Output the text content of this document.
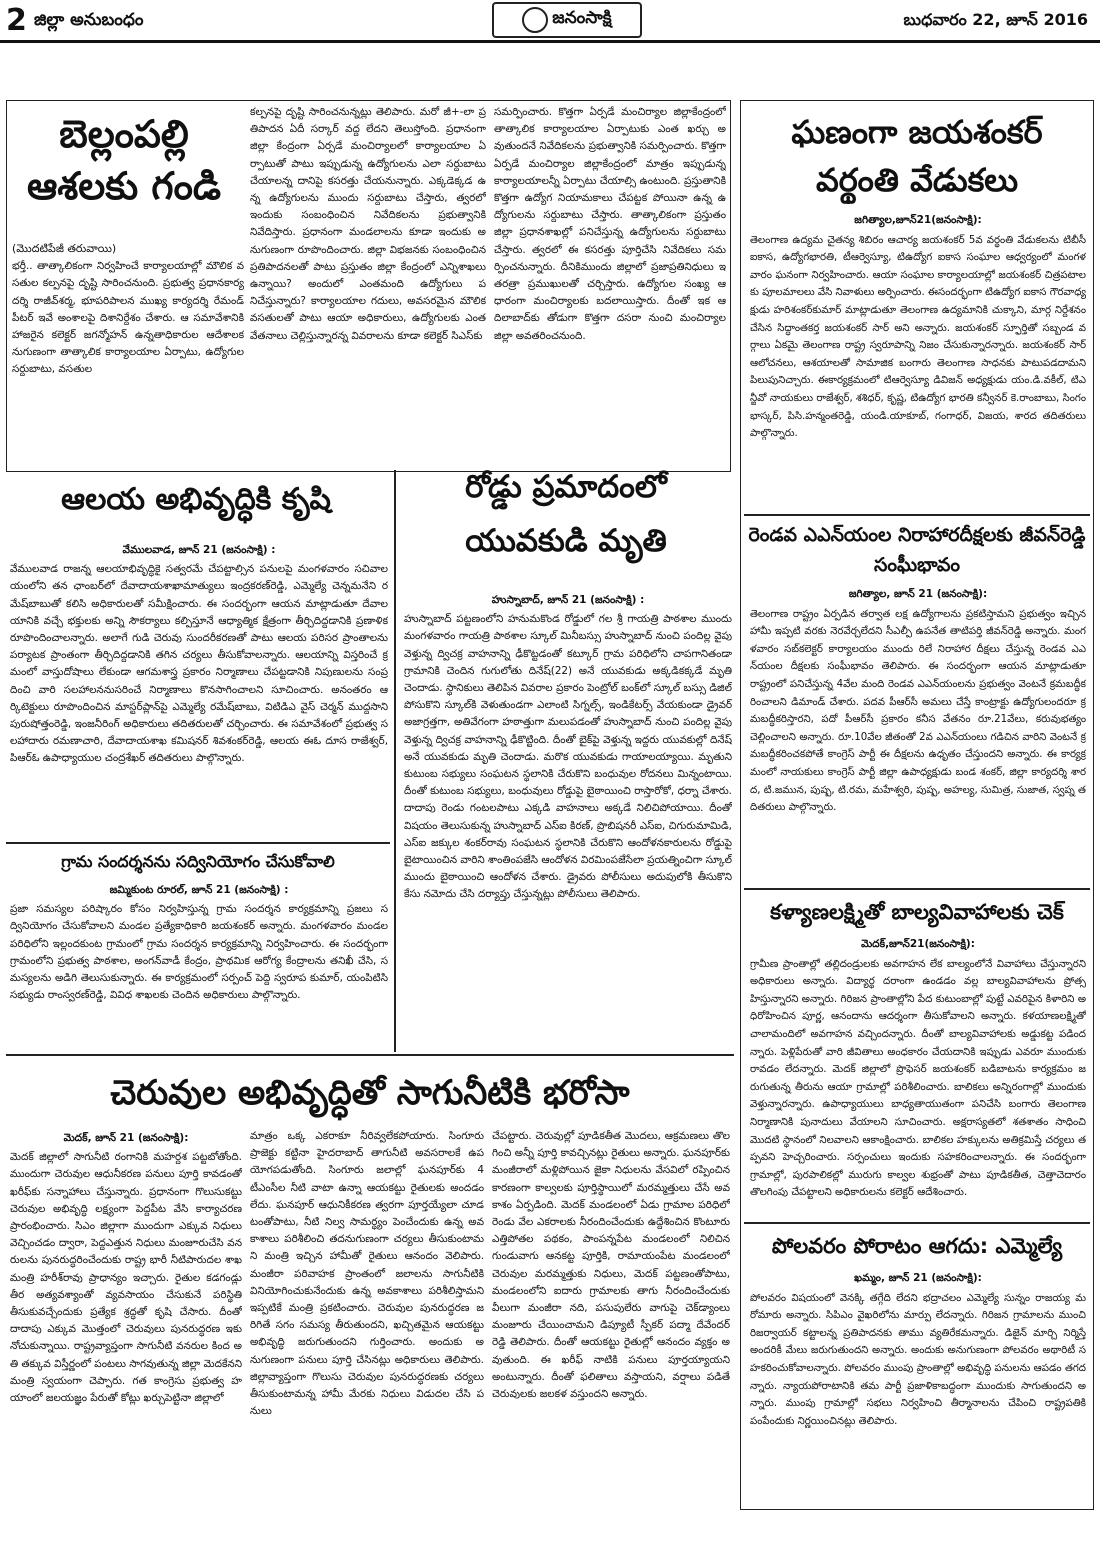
2 జిల్లా అనుబంధం	జనంసాక్షి	బుధవారం 22, జూన్ 2016
బెల్లంపల్లి
ఆశలకు గండి
(మొదటిపేజీ తరువాయి)
భర్తీ.. తాత్కాలికంగా నిర్వహించే కార్యాలయాల్లో మౌలిక వసతుల కల్పనపై దృష్టి సారించనుంది. ప్రభుత్వ ప్రధానకార్యదర్శి రాజీవ్‌శర్మ, భూపరిపాలన ముఖ్య కార్యదర్శి రేమండ్ పీటర్ ఇవే అంశాలపై దిశానిర్దేశం చేశారు. ఆ సమావేశానికి హాజరైన కలెక్టర్ జగన్మోహన్ ఉన్నతాధికారుల ఆదేశాలకనుగుణంగా తాత్కాలిక కార్యాలయాల ఏర్పాటు, ఉద్యోగుల సర్దుబాటు, వసతుల
కల్పనపై దృష్టి సారించనున్నట్లు తెలిపారు. మరో జీ+-లా ప్రతిపాదన ఏదీ సర్కార్ వద్ద లేదని తెలుస్తోంది. ప్రధానంగా జిల్లా కేంద్రంగా ఏర్పడే మంచిర్యాలలో కార్యాలయాల ఏర్పాటుతో పాటు ఇప్పుడున్న ఉద్యోగులను ఎలా సర్దుబాటు చేయాలన్న దానిపై కసరత్తు చేయనున్నారు. ఎక్కడెక్కడ ఉన్న ఉద్యోగులను ముందు సర్దుబాటు చేస్తారు, త్వరలో ఇందుకు సంబంధించిన నివేదికలను ప్రభుత్వానికి నివేదిస్తారు. ప్రధానంగా మండలాలను కూడా ఇందుకు అనుగుణంగా రూపొందించారు. జిల్లా విభజనకు సంబంధించిన ప్రతిపాదనలతో పాటు ప్రస్తుతం జిల్లా కేంద్రంలో ఎన్నిశాఖలు ఉన్నాయి? అందులో ఎంతమంది ఉద్యోగులు పనిచేస్తున్నారు? కార్యాలయాల గదులు, అవసరమైన మౌలికవసతులతో పాటు ఆయా అధికారులు, ఉద్యోగులకు ఎంత వేతనాలు చెల్లిస్తున్నారన్న వివరాలను కూడా కలెక్టర్ సిఎస్‌కు
సమర్పించారు. కొత్తగా ఏర్పడే మంచిర్యాల జిల్లాకేంద్రంలో తాత్కాలిక కార్యాలయాల ఏర్పాటుకు ఎంత ఖర్చు అవుతుందనే నివేదికలను ప్రభుత్వానికి సమర్పించారు. కొత్తగా ఏర్పడే మంచిర్యాల జిల్లాకేంద్రంలో మాత్రం ఇప్పుడున్న కార్యాలయాలన్నీ ఏర్పాటు చేయాల్సి ఉంటుంది. ప్రస్తుతానికి కొత్తగా ఉద్యోగ నియామకాలు చేపట్టక పోయినా ఉన్న ఉద్యోగులను సర్దుబాటు చేస్తారు. తాత్కాలికంగా ప్రస్తుతం జిల్లా ప్రధానశాఖల్లో పనిచేస్తున్న ఉద్యోగులను సర్దుబాటు చేస్తారు. త్వరలో ఈ కసరత్తు పూర్తిచేసి నివేదికలు సమర్పించనున్నారు. దీనికిముందు జిల్లాలో ప్రజాప్రతినిధులు ఇతరత్రా ప్రముఖులతో చర్చిస్తారు. ఉద్యోగుల సంఖ్య ఆధారంగా మంచిర్యాలకు బదలాయిస్తారు. దీంతో ఇక ఆదిలాబాద్‌కు తోడుగా కొత్తగా దసరా నుంచి మంచిర్యాల జిల్లా అవతరించనుంది.
ఘణంగా జయశంకర్
వర్థంతి వేడుకలు
జగిత్యాల,జూన్21(జనంసాక్షి):
తెలంగాణ ఉద్యమ చైతన్య శిబిరం ఆచార్య జయశంకర్ 5వ వర్థంతి వేడుకలను టిబీసీ ఐకాస, ఉద్యోగభారతి, టీఆర్వెస్యూ, టిఉద్యోగ ఐకాస సంఘాల ఆధ్వర్యంలో మంగళవారం ఘనంగా నిర్వహించారు. ఆయా సంఘాల కార్యాలయాల్లో జయశంకర్ చిత్రపటాలకు పూలమాలలు వేసి నివాళులు అర్పించారు. ఈసందర్భంగా టిఉద్యోగ ఐకాస గౌరవాధ్యక్షుడు హరిశంకర్‌కుమార్ మాట్లాడుతూ తెలంగాణ ఉద్యమానికి చుక్కాని, మార్గ నిర్దేశనం చేసిన సిద్ధాంతకర్త జయశంకర్ సార్ అని అన్నారు. జయశంకర్ స్ఫూర్తితో సబ్బండ వర్గాలు ఏకమై తెలంగాణ రాష్ట్ర స్వరూపాన్ని నిజం చేసుకున్నారన్నారు. జయశంకర్ సార్ ఆలోచనలు, ఆశయాలతో సామాజిక బంగారు తెలంగాణ సాధనకు పాటుపడదామని పిలుపునిచ్చారు. ఈకార్యక్రమంలో టిఆర్వెస్యూ డివిజన్ అధ్యక్షుడు యం.డి.వకీల్, టిఎన్జీవో నాయకులు రాజేశ్వర్, శశిధర్, కృష్ణ, టిఉద్యోగ భారతి కన్వీనర్ కె.రాంబాబు, సింగం భాస్కర్, పిసి.హన్మంతరెడ్డి, యండి.యాకూబ్, గంగాధర్, విజయ, శారద తదితరులు పాల్గొన్నారు.
రెండవ ఎఎన్‌యంల నిరాహారదీక్షలకు జీవన్‌రెడ్డి సంఘీభావం
జగిత్యాల, జూన్ 21 (జనంసాక్షి):
తెలంగాణ రాష్ట్రం ఏర్పడిన తర్వాత లక్ష ఉద్యోగాలను ప్రకటిస్తామని ప్రభుత్వం ఇచ్చిన హామీ ఇప్పటి వరకు నెరవేర్చలేదని సీఎల్పీ ఉపనేత తాటిపర్తి జీవన్‌రెడ్డి అన్నారు. మంగళవారం సబ్‌కలెక్టర్ కార్యాలయం ముందు రిలే నిరాహార దీక్షలు చేస్తున్న రెండవ ఎఎన్‌యంల దీక్షలకు సంఘీభావం తెలిపారు. ఈ సందర్భంగా ఆయన మాట్లాడుతూ రాష్ట్రంలో పనిచేస్తున్న 4వేల మంది రెండవ ఎఎన్‌యంలను ప్రభుత్వం వెంటనే క్రమబద్ధీకరించాలని డిమాండ్ చేశారు. పదవ పీఆర్‌సీ అమలు చేస్తే కాంట్రాక్టు ఉద్యోగులందరూ క్రమబద్ధీకరిస్తారని, పదో పీఆర్‌సీ ప్రకారం కనీస వేతనం రూ.21వేలు, కరువుభత్యం చెల్లించాలని అన్నారు. రూ.10వేల జీతంతో 2వ ఎఎన్‌యంలు గడిచిన వారిని వెంటనే క్రమబద్ధీకరించకపోతే కాంగ్రెస్ పార్టీ ఈ దీక్షలను ఉధృతం చేస్తుందని అన్నారు. ఈ కార్యక్రమంలో నాయకులు కాంగ్రెస్ పార్టీ జిల్లా ఉపాధ్యక్షుడు బండ శంకర్, జిల్లా కార్యదర్శి శారద, టి.జమున, పుష్ప, టి.రమ, మహేశ్వరి, పుష్ప, అహల్య, సుమిత్ర, సుజాత, స్వప్న తదితరులు పాల్గొన్నారు.
కళ్యాణలక్ష్మితో బాల్యవివాహాలకు చెక్
మెదక్,జూన్21(జనంసాక్షి):
గ్రామీణ ప్రాంతాల్లో తల్లిదండ్రులకు అవగాహన లేక బాల్యంలోనే వివాహాలు చేస్తున్నారని అధికారులు అన్నారు. విద్యార్థ దరాంగా ఉండడం వల్ల బాల్యవివాహాలను ప్రోత్సహిస్తున్నారని అన్నారు. గిరిజన ప్రాంతాల్లోని పేద కుటుంబాల్లో పుట్టే ఎవరిపైన కిళారిని అధిరోహించిన పూర్ణ, ఆనందాను ఆదర్శంగా తీసుకోవాలని అన్నారు. కళయాణలక్ష్మితో చాలామందిలో అవగాహన వచ్చిందన్నారు. దీంతో బాల్యవివాహాలకు అడ్డుకట్ట పడిందన్నారు. పెళ్లిపేరుతో వారి జీవితాలు అంధకారం చేయదానికి ఇప్పుడు ఎవరూ ముందుకు రావడం లేదన్నారు. మెదక్ జిల్లాలో ప్రొఫెసర్ జయశంకర్ బడిబాటను కార్యక్రమం జరుగుతున్న తీరును ఆయా గ్రామాల్లో పరిశీలించారు. బాలికలు అన్నిరంగాల్లో ముందుకు వెళ్తున్నారన్నారు. ఉపాధ్యాయులు బాధ్యతాయుతంగా పనిచేసి బంగారు తెలంగాణ నిర్మాణానికి పునాదులు వేయాలని సూచించారు. అక్షరాస్యతలో శతశాతం సాధించి మొదటి స్థానంలో నిలవాలని ఆకాంక్షించారు. బాలికల హక్కులను అతిక్రమిస్తే చర్యలు తప్పవని హెచ్చరించారు. సర్పంచులు ఇందుకు సహకరించాలన్నారు. ఈ సందర్భంగా గ్రామాల్లో, పురపాలికల్లో మురుగు కాల్వల శుభ్రంతో పాటు పూడికతీత, చెత్తాచెదారం తొలగింపు చేపట్టాలని అధికారులను కలెక్టర్ ఆదేశించారు.
పోలవరం పోరాటం ఆగదు: ఎమ్మెల్యే
ఖమ్మం, జూన్ 21 (జనంసాక్షి):
పోలవరం విషయంలో వెనక్కి తగ్గేది లేదని భద్రాచలం ఎమ్మెల్యే సున్నం రాజయ్య మరోమారు అన్నారు. సిపిఎం వైఖరిలోను మార్పు లేదన్నారు. గిరిజన గ్రామాలను ముంచి రిజర్వాయర్ కట్టాలన్న ప్రతిపాదనకు తాము వ్యతిరేకమన్నారు. డిజైన్ మార్చి నిర్మిస్తే అందరికీ మేలు జరుగుతుందని అన్నారు. అందుకు అనుగుణంగా పోలవరం అథారిటీ సహకరించుకోవాలన్నారు. పోలవరం ముంపు ప్రాంతాల్లో అభివృద్ధి పనులను ఆపడం తగదన్నారు. న్యాయపోరాటానికి తమ పార్టీ ప్రజాళికాబద్ధంగా ముందుకు సాగుతుందని అన్నారు. ముంపు గ్రామాల్లో సభలు నిర్వహించి తీర్మానాలను చేపించి రాష్ట్రపతికి పంపేందుకు నిర్ణయించినట్లు తెలిపారు.
ఆలయ అభివృద్ధికి కృషి
వేములవాడ, జూన్ 21 (జనంసాక్షి) :
వేములవాడ రాజన్న ఆలయాభివృద్ధికై సత్వరమే చేపట్టాల్సిన పనులపై మంగళవారం సచివాలయంలోని తన ఛాంబర్‌లో దేవాదాయశాఖామాత్యులు ఇంద్రకరణ్‌రెడ్డి, ఎమ్మెల్యే చెన్నమనేని రమేష్‌బాబుతో కలిసి అధికారులతో సమీక్షించారు. ఈ సందర్భంగా ఆయన మాట్లాడుతూ దేవాలయానికి వచ్చే భక్తులకు అన్ని సౌకర్యాలు కల్పిస్తూనే ఆధ్యాత్మిక క్షేత్రంగా తీర్చిదిద్దడానికి ప్రణాళిక రూపొందించాలన్నారు. అలాగే గుడి చెరువు సుందరీకరణతో పాటు ఆలయ పరిసర ప్రాంతాలను పర్యాటక ప్రాంతంగా తీర్చిదిద్దడానికి తగిన చర్యలు తీసుకోవాలన్నారు. ఆలయాన్ని విస్తరించే క్రమంలో వాస్తుదోషాలు లేకుండా ఆగమశాస్త్ర ప్రకారం నిర్మాణాలు చేపట్టడానికి నిపుణులను సంప్రదించి వారి సలహాలననుసరించే నిర్మాణాలు కొనసాగించాలని సూచించారు. అనంతరం ఆర్కిటెక్టులు రూపొందించిన మాస్టర్‌ప్లాన్‌పై ఎమ్మెల్యే రమేష్‌బాబు, విటిడిఎ వైస్ చెర్మన్ ముద్దసాని పురుషోత్తంరెడ్డి, ఇంజనీరింగ్ అధికారులు తదితరులతో చర్చించారు. ఈ సమావేశంలో ప్రభుత్వ సలహాదారు రమణాచారి, దేవాదాయశాఖ కమిషనర్ శివశంకర్‌రెడ్డి, ఆలయ ఈఓ దూస రాజేశ్వర్, పిఆర్‌ఓ ఉపాధ్యాయుల చంద్రశేఖర్ తదితరులు పాల్గొన్నారు.
గ్రామ సందర్శనను సద్వినియోగం చేసుకోవాలి
జమ్మికుంట రూరల్, జూన్ 21 (జనంసాక్షి) :
ప్రజా సమస్యల పరిష్కారం కోసం నిర్వహిస్తున్న గ్రామ సందర్శన కార్యక్రమాన్ని ప్రజలు సద్వినియోగం చేసుకోవాలని మండల ప్రత్యేకాధికారి జయశంకర్ అన్నారు. మంగళవారం మండల పరిధిలోని ఇల్లందకుంట గ్రామంలో గ్రామ సందర్శన కార్యక్రమాన్ని నిర్వహించారు. ఈ సందర్భంగా గ్రామంలోని ప్రభుత్వ పాఠశాల, అంగన్‌వాడీ కేంద్రం, ప్రాథమిక ఆరోగ్య కేంద్రాలను తనిఖీ చేసి, సమస్యలను అడిగి తెలుసుకున్నారు. ఈ కార్యక్రమంలో సర్పంచ్ పెద్ది స్వరూప కుమార్, యంపిటిసి సభ్యుడు రాంస్వరణ్‌రెడ్డి, వివిధ శాఖలకు చెందిన అధికారులు పాల్గొన్నారు.
రోడ్డు ప్రమాదంలో
యువకుడి మృతి
హుస్నాబాద్, జూన్ 21 (జనంసాక్షి) :
హుస్నాబాద్ పట్టణంలోని హనుమకొండ రోడ్డులో గల శ్రీ గాయత్రి పాఠశాల ముందు మంగళవారం గాయత్రి పాఠశాల స్కూల్ మినీబస్సు హుస్నాబాద్ నుంచి పందిల్ల వైపు వెళ్తున్న ద్విచక్ర వాహనాన్ని ఢీకొట్టడంతో కట్కూర్ గ్రామ పరిధిలోని చాపగానితండా గ్రామానికి చెందిన గుగులోతు దినేష్(22) అనే యువకుడు అక్కడికక్కడే మృతి చెందాడు. స్థానికులు తెలిపిన వివరాల ప్రకారం పెంట్రోల్ బంక్‌లో స్కూల్ బస్సు డిజిల్ పోసుకొని స్కూల్‌కి వెళుతుండగా ఎలాంటి సిగ్నల్స్, ఇండికేటర్స్ వేయకుండా డ్రైవర్ అజాగ్రత్తగా, అతివేగంగా హఠాత్తుగా మలుపడంతో హుస్నాబాద్ నుంచి పందిల్ల వైపు వెళ్తున్న ద్విచక్ర వాహనాన్ని ఢీకొట్టింది. దీంతో బైక్‌పై వెళ్తున్న ఇద్దరు యువకుల్లో దినేష్ అనే యువకుడు మృతి చెందాడు. మరొక యువకుడు గాయాలయ్యాయి. మృతుని కుటుంబ సభ్యులు సంఘటన స్థలానికి చేరుకొని బంధువుల రోదనలు మిన్నంటాయి. దీంతో కుటుంబ సభ్యులు, బంధువులు రోడ్డుపై బైఠాయించి రాస్తారోకో, ధర్నా చేశారు. దాదాపు రెండు గంటలపాటు ఎక్కడి వాహనాలు అక్కడే నిలిచిపోయాయి. దీంతో విషయం తెలుసుకున్న హుస్నాబాద్ ఎస్‌ఐ కిరణ్, ప్రొబిషనరీ ఎస్‌ఐ, చిగురుమామిడి, ఎస్‌ఐ జక్కుల శంకర్‌రావు సంఘటన స్థలానికి చేరుకొని ఆందోళనకారులను రోడ్డుపై బైటాయించిన వారిని శాంతింపజేసి ఆందోళన విరమింపజేసేలా ప్రయత్నించిగా స్కూల్ ముందు బైఠాయించి ఆందోళన చేశారు. డ్రైవరు పోలీసులు అదుపులోకి తీసుకొని కేసు నమోదు చేసి దర్యాప్తు చేస్తున్నట్లు పోలీసులు తెలిపారు.
చెరువుల అభివృద్ధితో సాగునీటికి భరోసా
మెదక్, జూన్ 21 (జనంసాక్షి):
మెదక్ జిల్లాలో సాగునీటి రంగానికి మహర్దశ పట్టబోతోంది. ముందుగా చెరువుల ఆధునీకరణ పనులు పూర్తి కావడంతో ఖరీఫ్‌కు సన్నాహాలు చేస్తున్నారు. ప్రధానంగా గొలుసుకట్టు చెరువుల అభివృద్ధి లక్ష్యంగా పెద్దపీట వేసి కార్యాచరణ ప్రారంభించారు. సిఎం జిల్లాగా ముందుగా ఎక్కువ నిధులు వెచ్చించడం ద్వారా, పెద్దఎత్తున నిధులు మంజూరుచేసి వనరులను పునరుద్ధరించేందుకు రాష్ట్ర భారీ నీటిపారుదల శాఖ మంత్రి హరీశ్‌రావు ప్రాధాన్యం ఇచ్చారు. రైతుల కడగండ్లు తీర అత్యవశ్యాంతో వ్యవసాయం చేసుకునే పరిస్థితి తీసుకువచ్చేందుకు ప్రత్యేక శ్రద్ధతో కృషి చేసారు. దీంతో దాదాపు ఎక్కువ మొత్తంలో చెరువులు పునరుద్ధరణ ఇకు నోచుకున్నాయి. రాష్ట్రవ్యాప్తంగా సాగునీటి వనరుల కింద అతి తక్కువ విస్తీర్ణంలో పంటలు సాగవుతున్న జిల్లా మెదకేనని మంత్రి స్వయంగా చెప్పారు. గత కాంగ్రెసు ప్రభుత్వ హయాంలో జలయజ్ఞం పేరుతో కోట్లు ఖర్చుపెట్టినా జిల్లాలో
మాత్రం ఒక్క ఎకరాకూ నీరివ్వలేకపోయారు. సింగూరు ప్రాజెక్టు కట్టినా హైదరాబాద్ తాగునీటి అవసరాలకే ఉపయోగపడుతోంది. సింగూరు జలాల్లో ఘనపూర్‌కు 4 టీఎంసీల నీటి వాటా ఉన్నా ఆయకట్టు రైతులకు అందడం లేదు. ఘనపూర్ ఆధునికీకరణ త్వరగా పూర్తయ్యేలా చూడటంతోపాటు, నీటి నిల్వ సామర్థ్యం పెంచేందుకు ఉన్న అవకాశాలు పరిశీలించి తదనుగుణంగా చర్యలు తీసుకుంటామని మంత్రి ఇచ్చిన హామీతో రైతులు ఆనందం వెలిపారు. మంజీరా పరివాహక ప్రాంతంలో జలాలను సాగునీటికి వినియోగించుకునేందుకు ఉన్న అవకాశాలు పరిశీలిస్తామని ఇప్పటికే మంత్రి ప్రకటించారు. చెరువుల పునరుద్ధరణ జరిగితే సగం సమస్య తీరుతుందని, ఖచ్చితమైన ఆయకట్టు అభివృద్ధి జరుగుతుందని గుర్తించారు. అందుకు అనుగుణంగా పనులు పూర్తి చేసినట్లు అధికారులు తెలిపారు. జిల్లావ్యాప్తంగా గొలుసు చెరువుల పునరుద్ధరణకు చర్యలు తీసుకుంటామన్న హామీ మేరకు నిధులు విడుదల చేసి పనులు
చేపట్టారు. చెరువుల్లో పూడికతీత మొదలు, ఆక్రమణలు తొలగించి అన్నీ పూర్తి కావచ్చినట్లు రైతులు అన్నారు. ఘనపూర్‌కు మంజీరాలో మళ్లిపోయిన జైకా నిధులను వేసవిలో రప్పించిన కారణంగా కాల్వలకు పూర్తిస్థాయిలో మరమ్మత్తులు చేసే అవకాశం ఏర్పడింది. మెదక్ మండలంలో ఏడు గ్రామాల పరిధిలో రెండు వేల ఎకరాలకు నీరందించేందుకు ఉద్దేశించిన కొంటూరు ఎత్తిపోతల పథకం, పాంపన్నపేట మండలంలో నిలిచిన గుండువాగు ఆనకట్ట పూర్తికి, రామాయంపేట మండలంలో చెరువుల మరమ్మత్తుకు నిధులు, మెదక్ పట్టణంతోపాటు, మండలంలోని ఐదారు గ్రామాలకు తాగు నీరందించేందుకు వీలుగా మంజీరా నది, పసుపులేరు వాగుపై చెక్‌డ్యాంలు మంజూరు చేయించామని డిప్యూటీ స్పీకర్ పద్మా దేవేందర్ రెడ్డి తెలిపారు. దీంతో ఆయకట్టు రైతుల్లో ఆనందం వ్యక్తం అవుతుంది. ఈ ఖరీఫ్ నాటికి పనులు పూర్తయ్యాయని అంటున్నారు. దీంతో ఫలితాలు వస్తాయని, వర్షాలు పడితే చెరువులకు జలకళ వస్తుందని అన్నారు.
